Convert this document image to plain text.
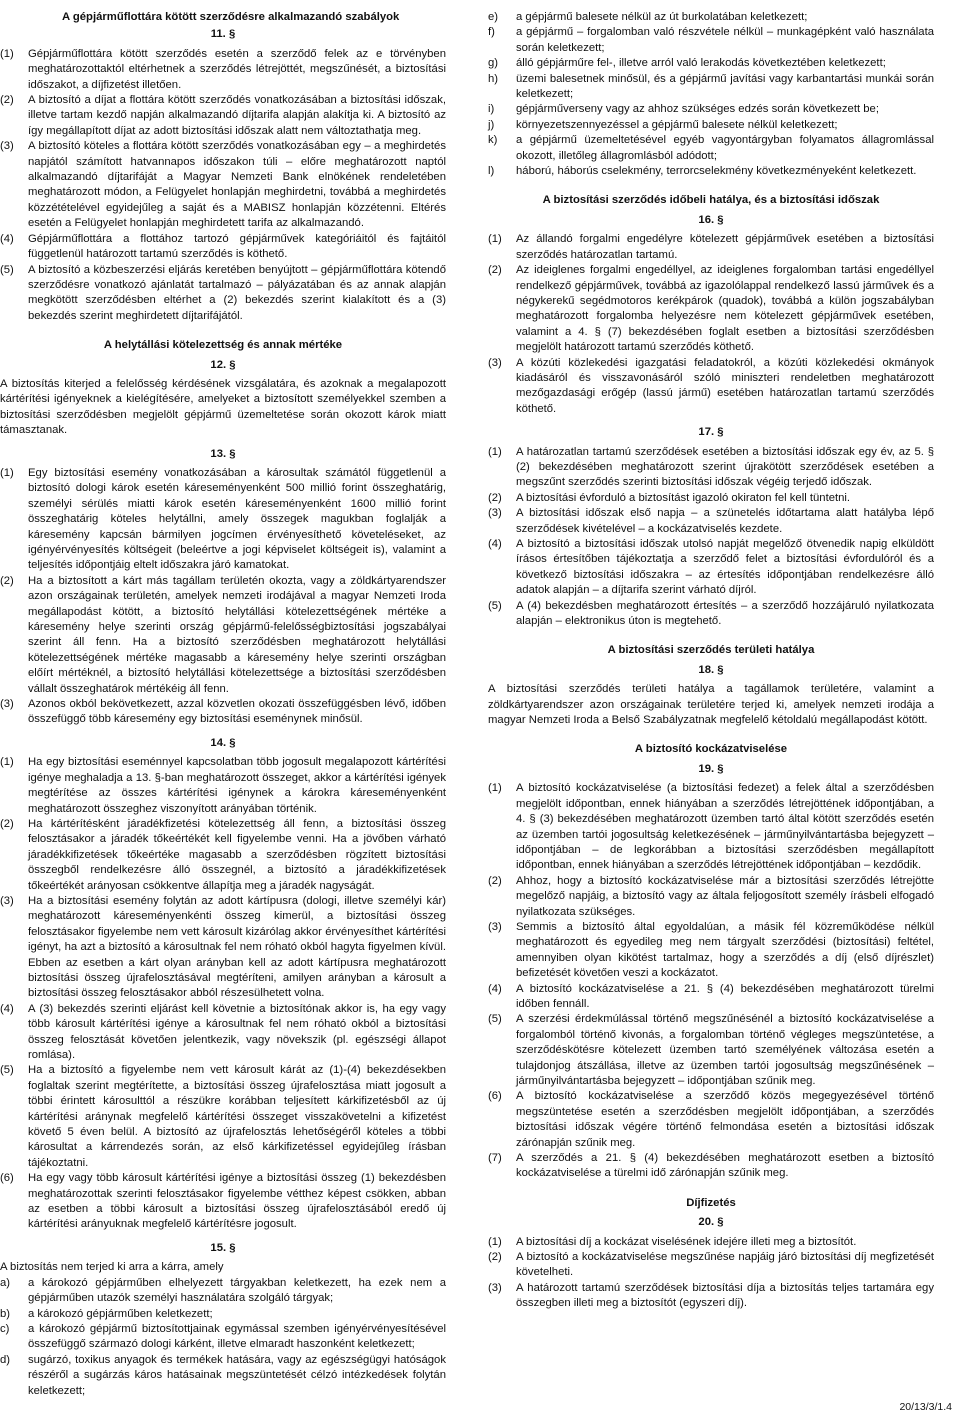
A gépjárműflottára kötött szerződésre alkalmazandó szabályok
11. §
(1)	Gépjárműflottára kötött szerződés esetén a szerződő felek az e törvényben meghatározottaktól eltérhetnek a szerződés létrejöttét, megszűnését, a biztosítási időszakot, a díjfizetést illetően.
(2)	A biztosító a díjat a flottára kötött szerződés vonatkozásában a biztosítási időszak, illetve tartam kezdő napján alkalmazandó díjtarifa alapján alakítja ki. A biztosító az így megállapított díjat az adott biztosítási időszak alatt nem változtathatja meg.
(3)	A biztosító köteles a flottára kötött szerződés vonatkozásában egy – a meghirdetés napjától számított hatvannapos időszakon túli – előre meghatározott naptól alkalmazandó díjtarifáját a Magyar Nemzeti Bank elnökének rendeletében meghatározott módon, a Felügyelet honlapján meghirdetni, továbbá a meghirdetés közzétételével egyidejűleg a saját és a MABISZ honlapján közzétenni. Eltérés esetén a Felügyelet honlapján meghirdetett tarifa az alkalmazandó.
(4)	Gépjárműflottára a flottához tartozó gépjárművek kategóriáitól és fajtáitól függetlenül határozott tartamú szerződés is köthető.
(5)	A biztosító a közbeszerzési eljárás keretében benyújtott – gépjárműflottára kötendő szerződésre vonatkozó ajánlatát tartalmazó – pályázatában és az annak alapján megkötött szerződésben eltérhet a (2) bekezdés szerint kialakított és a (3) bekezdés szerint meghirdetett díjtarifájától.
A helytállási kötelezettség és annak mértéke
12. §
A biztosítás kiterjed a felelősség kérdésének vizsgálatára, és azoknak a megalapozott kártérítési igényeknek a kielégítésére, amelyeket a biztosított személyekkel szemben a biztosítási szerződésben megjelölt gépjármű üzemeltetése során okozott károk miatt támasztanak.
13. §
(1)	Egy biztosítási esemény vonatkozásában a károsultak számától függetlenül a biztosító dologi károk esetén káreseményenként 500 millió forint összeghatárig, személyi sérülés miatti károk esetén káreseményenként 1600 millió forint összeghatárig köteles helytállni, amely összegek magukban foglalják a káresemény kapcsán bármilyen jogcímen érvényesíthető követeléseket, az igényérvényesítés költségeit (beleértve a jogi képviselet költségeit is), valamint a teljesítés időpontjáig eltelt időszakra járó kamatokat.
(2)	Ha a biztosított a kárt más tagállam területén okozta, vagy a zöldkártyarendszer azon országainak területén, amelyek nemzeti irodájával a magyar Nemzeti Iroda megállapodást kötött, a biztosító helytállási kötelezettségének mértéke a káresemény helye szerinti ország gépjármű-felelősségbiztosítási jogszabályai szerint áll fenn. Ha a biztosító szerződésben meghatározott helytállási kötelezettségének mértéke magasabb a káresemény helye szerinti országban előírt mértéknél, a biztosító helytállási kötelezettsége a biztosítási szerződésben vállalt összeghatárok mértékéig áll fenn.
(3)	Azonos okból bekövetkezett, azzal közvetlen okozati összefüggésben lévő, időben összefüggő több káresemény egy biztosítási eseménynek minősül.
14. §
(1)	Ha egy biztosítási eseménnyel kapcsolatban több jogosult megalapozott kártérítési igénye meghaladja a 13. §-ban meghatározott összeget, akkor a kártérítési igények megtérítése az összes kártérítési igénynek a károkra káreseményenként meghatározott összeghez viszonyított arányában történik.
(2)	Ha kártérítésként járadékfizetési kötelezettség áll fenn, a biztosítási összeg felosztásakor a járadék tőkeértékét kell figyelembe venni. Ha a jövőben várható járadékkifizetések tőkeértéke magasabb a szerződésben rögzített biztosítási összegből rendelkezésre álló összegnél, a biztosító a járadékkifizetések tőkeértékét arányosan csökkentve állapítja meg a járadék nagyságát.
(3)	Ha a biztosítási esemény folytán az adott kártípusra (dologi, illetve személyi kár) meghatározott káreseményenkénti összeg kimerül, a biztosítási összeg felosztásakor figyelembe nem vett károsult kizárólag akkor érvényesíthet kártérítési igényt, ha azt a biztosító a károsultnak fel nem róható okból hagyta figyelmen kívül. Ebben az esetben a kárt olyan arányban kell az adott kártípusra meghatározott biztosítási összeg újrafelosztásával megtéríteni, amilyen arányban a károsult a biztosítási összeg felosztásakor abból részesülhetett volna.
(4)	A (3) bekezdés szerinti eljárást kell követnie a biztosítónak akkor is, ha egy vagy több károsult kártérítési igénye a károsultnak fel nem róható okból a biztosítási összeg felosztását követően jelentkezik, vagy növekszik (pl. egészségi állapot romlása).
(5)	Ha a biztosító a figyelembe nem vett károsult kárát az (1)-(4) bekezdésekben foglaltak szerint megtérítette, a biztosítási összeg újrafelosztása miatt jogosult a többi érintett károsulttól a részükre korábban teljesített kárkifizetésből az új kártérítési aránynak megfelelő kártérítési összeget visszakövetelni a kifizetést követő 5 éven belül. A biztosító az újrafelosztás lehetőségéről köteles a többi károsultat a kárrendezés során, az első kárkifizetéssel egyidejűleg írásban tájékoztatni.
(6)	Ha egy vagy több károsult kártérítési igénye a biztosítási összeg (1) bekezdésben meghatározottak szerinti felosztásakor figyelembe vétthez képest csökken, abban az esetben a többi károsult a biztosítási összeg újrafelosztásából eredő új kártérítési arányuknak megfelelő kártérítésre jogosult.
15. §
A biztosítás nem terjed ki arra a kárra, amely
a)	a károkozó gépjárműben elhelyezett tárgyakban keletkezett, ha ezek nem a gépjárműben utazók személyi használatára szolgáló tárgyak;
b)	a károkozó gépjárműben keletkezett;
c)	a károkozó gépjármű biztosítottjainak egymással szemben igényérvényesítésével összefüggő származó dologi kárként, illetve elmaradt haszonként keletkezett;
d)	sugárzó, toxikus anyagok és termékek hatására, vagy az egészségügyi hatóságok részéről a sugárzás káros hatásainak megszüntetését célzó intézkedések folytán keletkezett;
e)	a gépjármű balesete nélkül az út burkolatában keletkezett;
f)	a gépjármű – forgalomban való részvétele nélkül – munkagépként való használata során keletkezett;
g)	álló gépjárműre fel-, illetve arról való lerakodás következtében keletkezett;
h)	üzemi balesetnek minősül, és a gépjármű javítási vagy karbantartási munkái során keletkezett;
i)	gépjárműverseny vagy az ahhoz szükséges edzés során következett be;
j)	környezetszennyezéssel a gépjármű balesete nélkül keletkezett;
k)	a gépjármű üzemeltetésével egyéb vagyontárgyban folyamatos állagromlással okozott, illetőleg állagromlásból adódott;
l)	háború, háborús cselekmény, terrorcselekmény következményeként keletkezett.
A biztosítási szerződés időbeli hatálya, és a biztosítási időszak
16. §
(1)	Az állandó forgalmi engedélyre kötelezett gépjárművek esetében a biztosítási szerződés határozatlan tartamú.
(2)	Az ideiglenes forgalmi engedéllyel, az ideiglenes forgalomban tartási engedéllyel rendelkező gépjárművek, továbbá az igazolólappal rendelkező lassú járművek és a négykerekű segédmotoros kerékpárok (quadok), továbbá a külön jogszabályban meghatározott forgalomba helyezésre nem kötelezett gépjárművek esetében, valamint a 4. § (7) bekezdésében foglalt esetben a biztosítási szerződésben megjelölt határozott tartamú szerződés köthető.
(3)	A közúti közlekedési igazgatási feladatokról, a közúti közlekedési okmányok kiadásáról és visszavonásáról szóló miniszteri rendeletben meghatározott mezőgazdasági erőgép (lassú jármű) esetében határozatlan tartamú szerződés köthető.
17. §
(1)	A határozatlan tartamú szerződések esetében a biztosítási időszak egy év, az 5. § (2) bekezdésében meghatározott szerint újrakötött szerződések esetében a megszűnt szerződés szerinti biztosítási időszak végéig terjedő időszak.
(2)	A biztosítási évforduló a biztosítást igazoló okiraton fel kell tüntetni.
(3)	A biztosítási időszak első napja – a szünetelés időtartama alatt hatályba lépő szerződések kivételével – a kockázatviselés kezdete.
(4)	A biztosító a biztosítási időszak utolsó napját megelőző ötvenedik napig elküldött írásos értesítőben tájékoztatja a szerződő felet a biztosítási évfordulóról és a következő biztosítási időszakra – az értesítés időpontjában rendelkezésre álló adatok alapján – a díjtarifa szerint várható díjról.
(5)	A (4) bekezdésben meghatározott értesítés – a szerződő hozzájáruló nyilatkozata alapján – elektronikus úton is megtehető.
A biztosítási szerződés területi hatálya
18. §
A biztosítási szerződés területi hatálya a tagállamok területére, valamint a zöldkártyarendszer azon országainak területére terjed ki, amelyek nemzeti irodája a magyar Nemzeti Iroda a Belső Szabályzatnak megfelelő kétoldalú megállapodást kötött.
A biztosító kockázatviselése
19. §
(1)	A biztosító kockázatviselése (a biztosítási fedezet) a felek által a szerződésben megjelölt időpontban, ennek hiányában a szerződés létrejöttének időpontjában, a 4. § (3) bekezdésében meghatározott üzemben tartó által kötött szerződés esetén az üzemben tartói jogosultság keletkezésének – járműnyilvántartásba bejegyzett – időpontjában – de legkorábban a biztosítási szerződésben megállapított időpontban, ennek hiányában a szerződés létrejöttének időpontjában – kezdődik.
(2)	Ahhoz, hogy a biztosító kockázatviselése már a biztosítási szerződés létrejötte megelőző napjáig, a biztosító vagy az általa feljogosított személy írásbeli elfogadó nyilatkozata szükséges.
(3)	Semmis a biztosító által egyoldalúan, a másik fél közreműködése nélkül meghatározott és egyedileg meg nem tárgyalt szerződési (biztosítási) feltétel, amennyiben olyan kikötést tartalmaz, hogy a szerződés a díj (első díjrészlet) befizetését követően veszi a kockázatot.
(4)	A biztosító kockázatviselése a 21. § (4) bekezdésében meghatározott türelmi időben fennáll.
(5)	A szerzési érdekmúlással történő megszűnésénél a biztosító kockázatviselése a forgalomból történő kivonás, a forgalomban történő végleges megszüntetése, a szerződéskötésre kötelezett üzemben tartó személyének változása esetén a tulajdonjog átszállása, illetve az üzemben tartói jogosultság megszűnésének – járműnyilvántartásba bejegyzett – időpontjában szűnik meg.
(6)	A biztosító kockázatviselése a szerződő közös megegyezésével történő megszüntetése esetén a szerződésben megjelölt időpontjában, a szerződés biztosítási időszak végére történő felmondása esetén a biztosítási időszak zárónapján szűnik meg.
(7)	A szerződés a 21. § (4) bekezdésében meghatározott esetben a biztosító kockázatviselése a türelmi idő zárónapján szűnik meg.
Díjfizetés
20. §
(1)	A biztosítási díj a kockázat viselésének idejére illeti meg a biztosítót.
(2)	A biztosító a kockázatviselése megszűnése napjáig járó biztosítási díj megfizetését követelheti.
(3)	A határozott tartamú szerződések biztosítási díja a biztosítás teljes tartamára egy összegben illeti meg a biztosítót (egyszeri díj).
20/13/3/1.4
